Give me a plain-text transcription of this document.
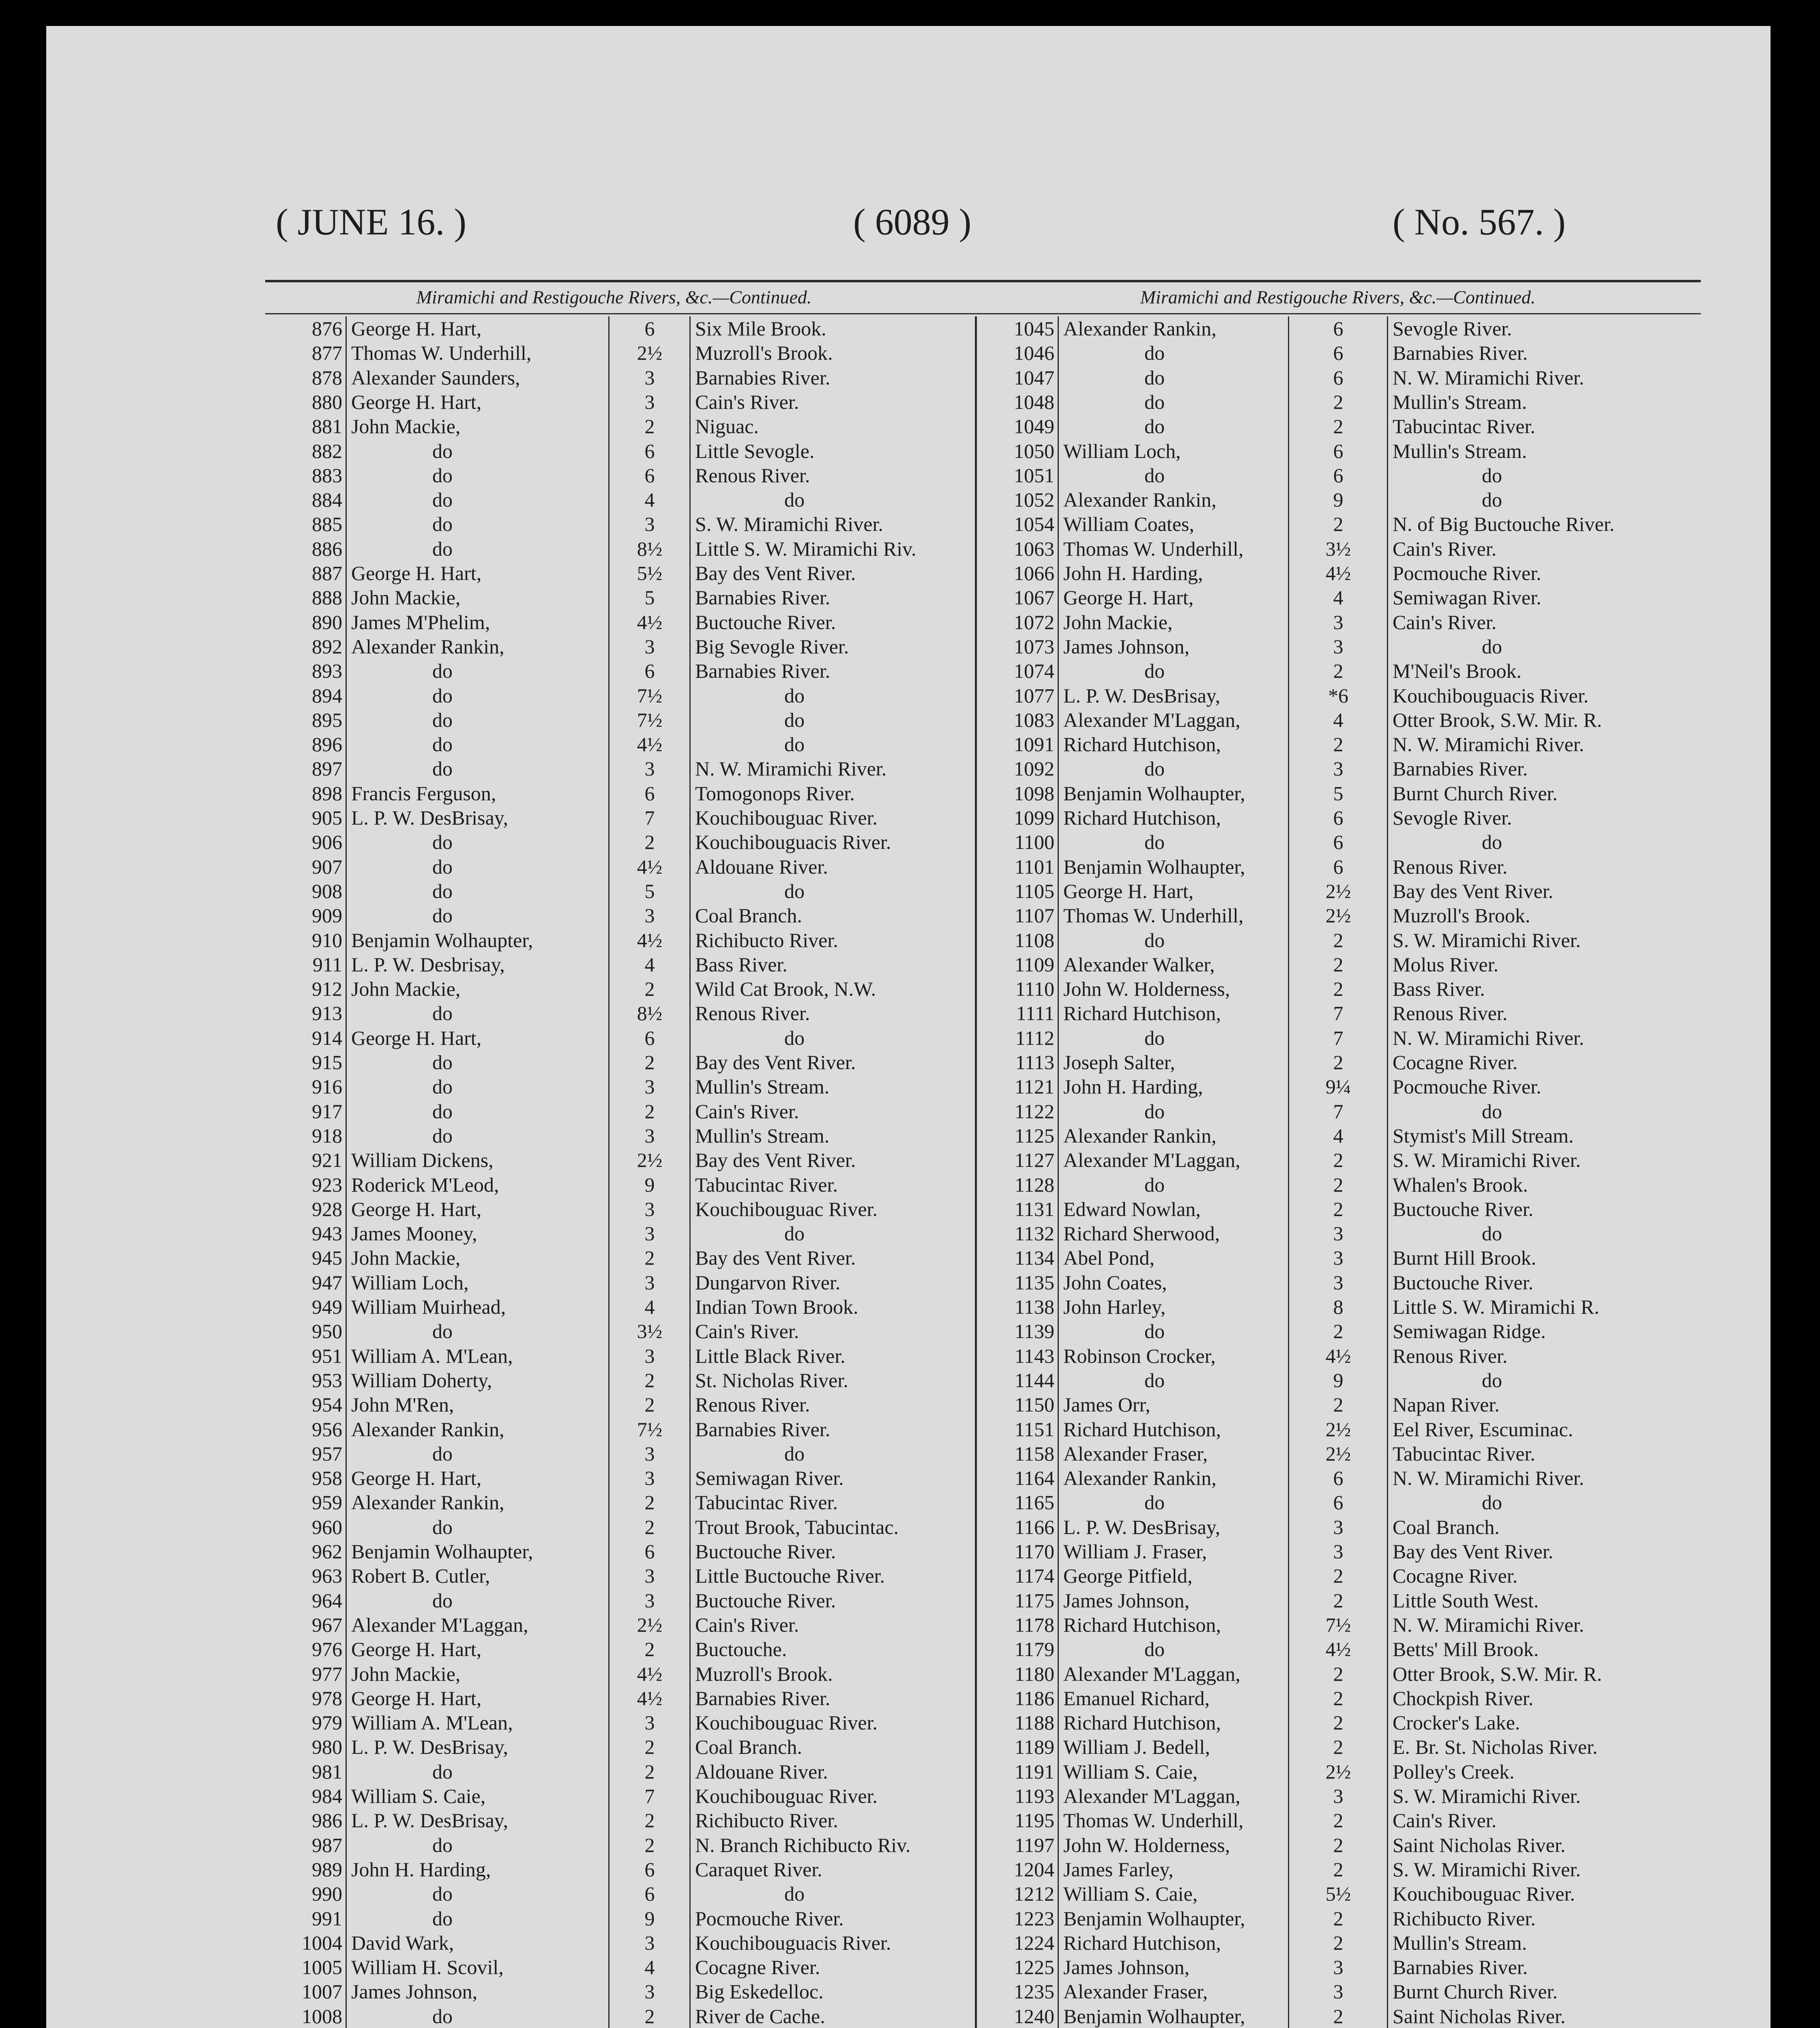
( JUNE 16. )	( 6089 )	( No. 567. )
Miramichi and Restigouche Rivers, &c.—Continued.	Miramichi and Restigouche Rivers, &c.—Continued.
876 George H. Hart,	6	Six Mile Brook.
877 Thomas W. Underhill,	2½	Muzroll's Brook.
878 Alexander Saunders,	3	Barnabies River.
880 George H. Hart,	3	Cain's River.
881 John Mackie,	2	Niguac.
882	do	6	Little Sevogle.
883	do	6	Renous River.
884	do	4	do
885	do	3	S. W. Miramichi River.
886	do	8½	Little S. W. Miramichi Riv.
887 George H. Hart,	5½	Bay des Vent River.
888 John Mackie,	5	Barnabies River.
890 James M'Phelim,	4½	Buctouche River.
892 Alexander Rankin,	3	Big Sevogle River.
893	do	6	Barnabies River.
894	do	7½	do
895	do	7½	do
896	do	4½	do
897	do	3	N. W. Miramichi River.
898 Francis Ferguson,	6	Tomogonops River.
905 L. P. W. DesBrisay,	7	Kouchibouguac River.
906	do	2	Kouchibouguacis River.
907	do	4½	Aldouane River.
908	do	5	do
909	do	3	Coal Branch.
910 Benjamin Wolhaupter,	4½	Richibucto River.
911 L. P. W. Desbrisay,	4	Bass River.
912 John Mackie,	2	Wild Cat Brook, N.W.
913	do	8½	Renous River.
914 George H. Hart,	6	do
915	do	2	Bay des Vent River.
916	do	3	Mullin's Stream.
917	do	2	Cain's River.
918	do	3	Mullin's Stream.
921 William Dickens,	2½	Bay des Vent River.
923 Roderick M'Leod,	9	Tabucintac River.
928 George H. Hart,	3	Kouchibouguac River.
943 James Mooney,	3	do
945 John Mackie,	2	Bay des Vent River.
947 William Loch,	3	Dungarvon River.
949 William Muirhead,	4	Indian Town Brook.
950	do	3½	Cain's River.
951 William A. M'Lean,	3	Little Black River.
953 William Doherty,	2	St. Nicholas River.
954 John M'Ren,	2	Renous River.
956 Alexander Rankin,	7½	Barnabies River.
957	do	3	do
958 George H. Hart,	3	Semiwagan River.
959 Alexander Rankin,	2	Tabucintac River.
960	do	2	Trout Brook, Tabucintac.
962 Benjamin Wolhaupter,	6	Buctouche River.
963 Robert B. Cutler,	3	Little Buctouche River.
964	do	3	Buctouche River.
967 Alexander M'Laggan,	2½	Cain's River.
976 George H. Hart,	2	Buctouche.
977 John Mackie,	4½	Muzroll's Brook.
978 George H. Hart,	4½	Barnabies River.
979 William A. M'Lean,	3	Kouchibouguac River.
980 L. P. W. DesBrisay,	2	Coal Branch.
981	do	2	Aldouane River.
984 William S. Caie,	7	Kouchibouguac River.
986 L. P. W. DesBrisay,	2	Richibucto River.
987	do	2	N. Branch Richibucto Riv.
989 John H. Harding,	6	Caraquet River.
990	do	6	do
991	do	9	Pocmouche River.
1004 David Wark,	3	Kouchibouguacis River.
1005 William H. Scovil,	4	Cocagne River.
1007 James Johnson,	3	Big Eskedelloc.
1008	do	2	River de Cache.
1045 Alexander Rankin,	6	Sevogle River.
1046	do	6	Barnabies River.
1047	do	6	N. W. Miramichi River.
1048	do	2	Mullin's Stream.
1049	do	2	Tabucintac River.
1050 William Loch,	6	Mullin's Stream.
1051	do	6	do
1052 Alexander Rankin,	9	do
1054 William Coates,	2	N. of Big Buctouche River.
1063 Thomas W. Underhill,	3½	Cain's River.
1066 John H. Harding,	4½	Pocmouche River.
1067 George H. Hart,	4	Semiwagan River.
1072 John Mackie,	3	Cain's River.
1073 James Johnson,	3	do
1074	do	2	M'Neil's Brook.
1077 L. P. W. DesBrisay,	*6	Kouchibouguacis River.
1083 Alexander M'Laggan,	4	Otter Brook, S.W. Mir. R.
1091 Richard Hutchison,	2	N. W. Miramichi River.
1092	do	3	Barnabies River.
1098 Benjamin Wolhaupter,	5	Burnt Church River.
1099 Richard Hutchison,	6	Sevogle River.
1100	do	6	do
1101 Benjamin Wolhaupter,	6	Renous River.
1105 George H. Hart,	2½	Bay des Vent River.
1107 Thomas W. Underhill,	2½	Muzroll's Brook.
1108	do	2	S. W. Miramichi River.
1109 Alexander Walker,	2	Molus River.
1110 John W. Holderness,	2	Bass River.
1111 Richard Hutchison,	7	Renous River.
1112	do	7	N. W. Miramichi River.
1113 Joseph Salter,	2	Cocagne River.
1121 John H. Harding,	9¼	Pocmouche River.
1122	do	7	do
1125 Alexander Rankin,	4	Stymist's Mill Stream.
1127 Alexander M'Laggan,	2	S. W. Miramichi River.
1128	do	2	Whalen's Brook.
1131 Edward Nowlan,	2	Buctouche River.
1132 Richard Sherwood,	3	do
1134 Abel Pond,	3	Burnt Hill Brook.
1135 John Coates,	3	Buctouche River.
1138 John Harley,	8	Little S. W. Miramichi R.
1139	do	2	Semiwagan Ridge.
1143 Robinson Crocker,	4½	Renous River.
1144	do	9	do
1150 James Orr,	2	Napan River.
1151 Richard Hutchison,	2½	Eel River, Escuminac.
1158 Alexander Fraser,	2½	Tabucintac River.
1164 Alexander Rankin,	6	N. W. Miramichi River.
1165	do	6	do
1166 L. P. W. DesBrisay,	3	Coal Branch.
1170 William J. Fraser,	3	Bay des Vent River.
1174 George Pitfield,	2	Cocagne River.
1175 James Johnson,	2	Little South West.
1178 Richard Hutchison,	7½	N. W. Miramichi River.
1179	do	4½	Betts' Mill Brook.
1180 Alexander M'Laggan,	2	Otter Brook, S.W. Mir. R.
1186 Emanuel Richard,	2	Chockpish River.
1188 Richard Hutchison,	2	Crocker's Lake.
1189 William J. Bedell,	2	E. Br. St. Nicholas River.
1191 William S. Caie,	2½	Polley's Creek.
1193 Alexander M'Laggan,	3	S. W. Miramichi River.
1195 Thomas W. Underhill,	2	Cain's River.
1197 John W. Holderness,	2	Saint Nicholas River.
1204 James Farley,	2	S. W. Miramichi River.
1212 William S. Caie,	5½	Kouchibouguac River.
1223 Benjamin Wolhaupter,	2	Richibucto River.
1224 Richard Hutchison,	2	Mullin's Stream.
1225 James Johnson,	3	Barnabies River.
1235 Alexander Fraser,	3	Burnt Church River.
1240 Benjamin Wolhaupter,	2	Saint Nicholas River.
